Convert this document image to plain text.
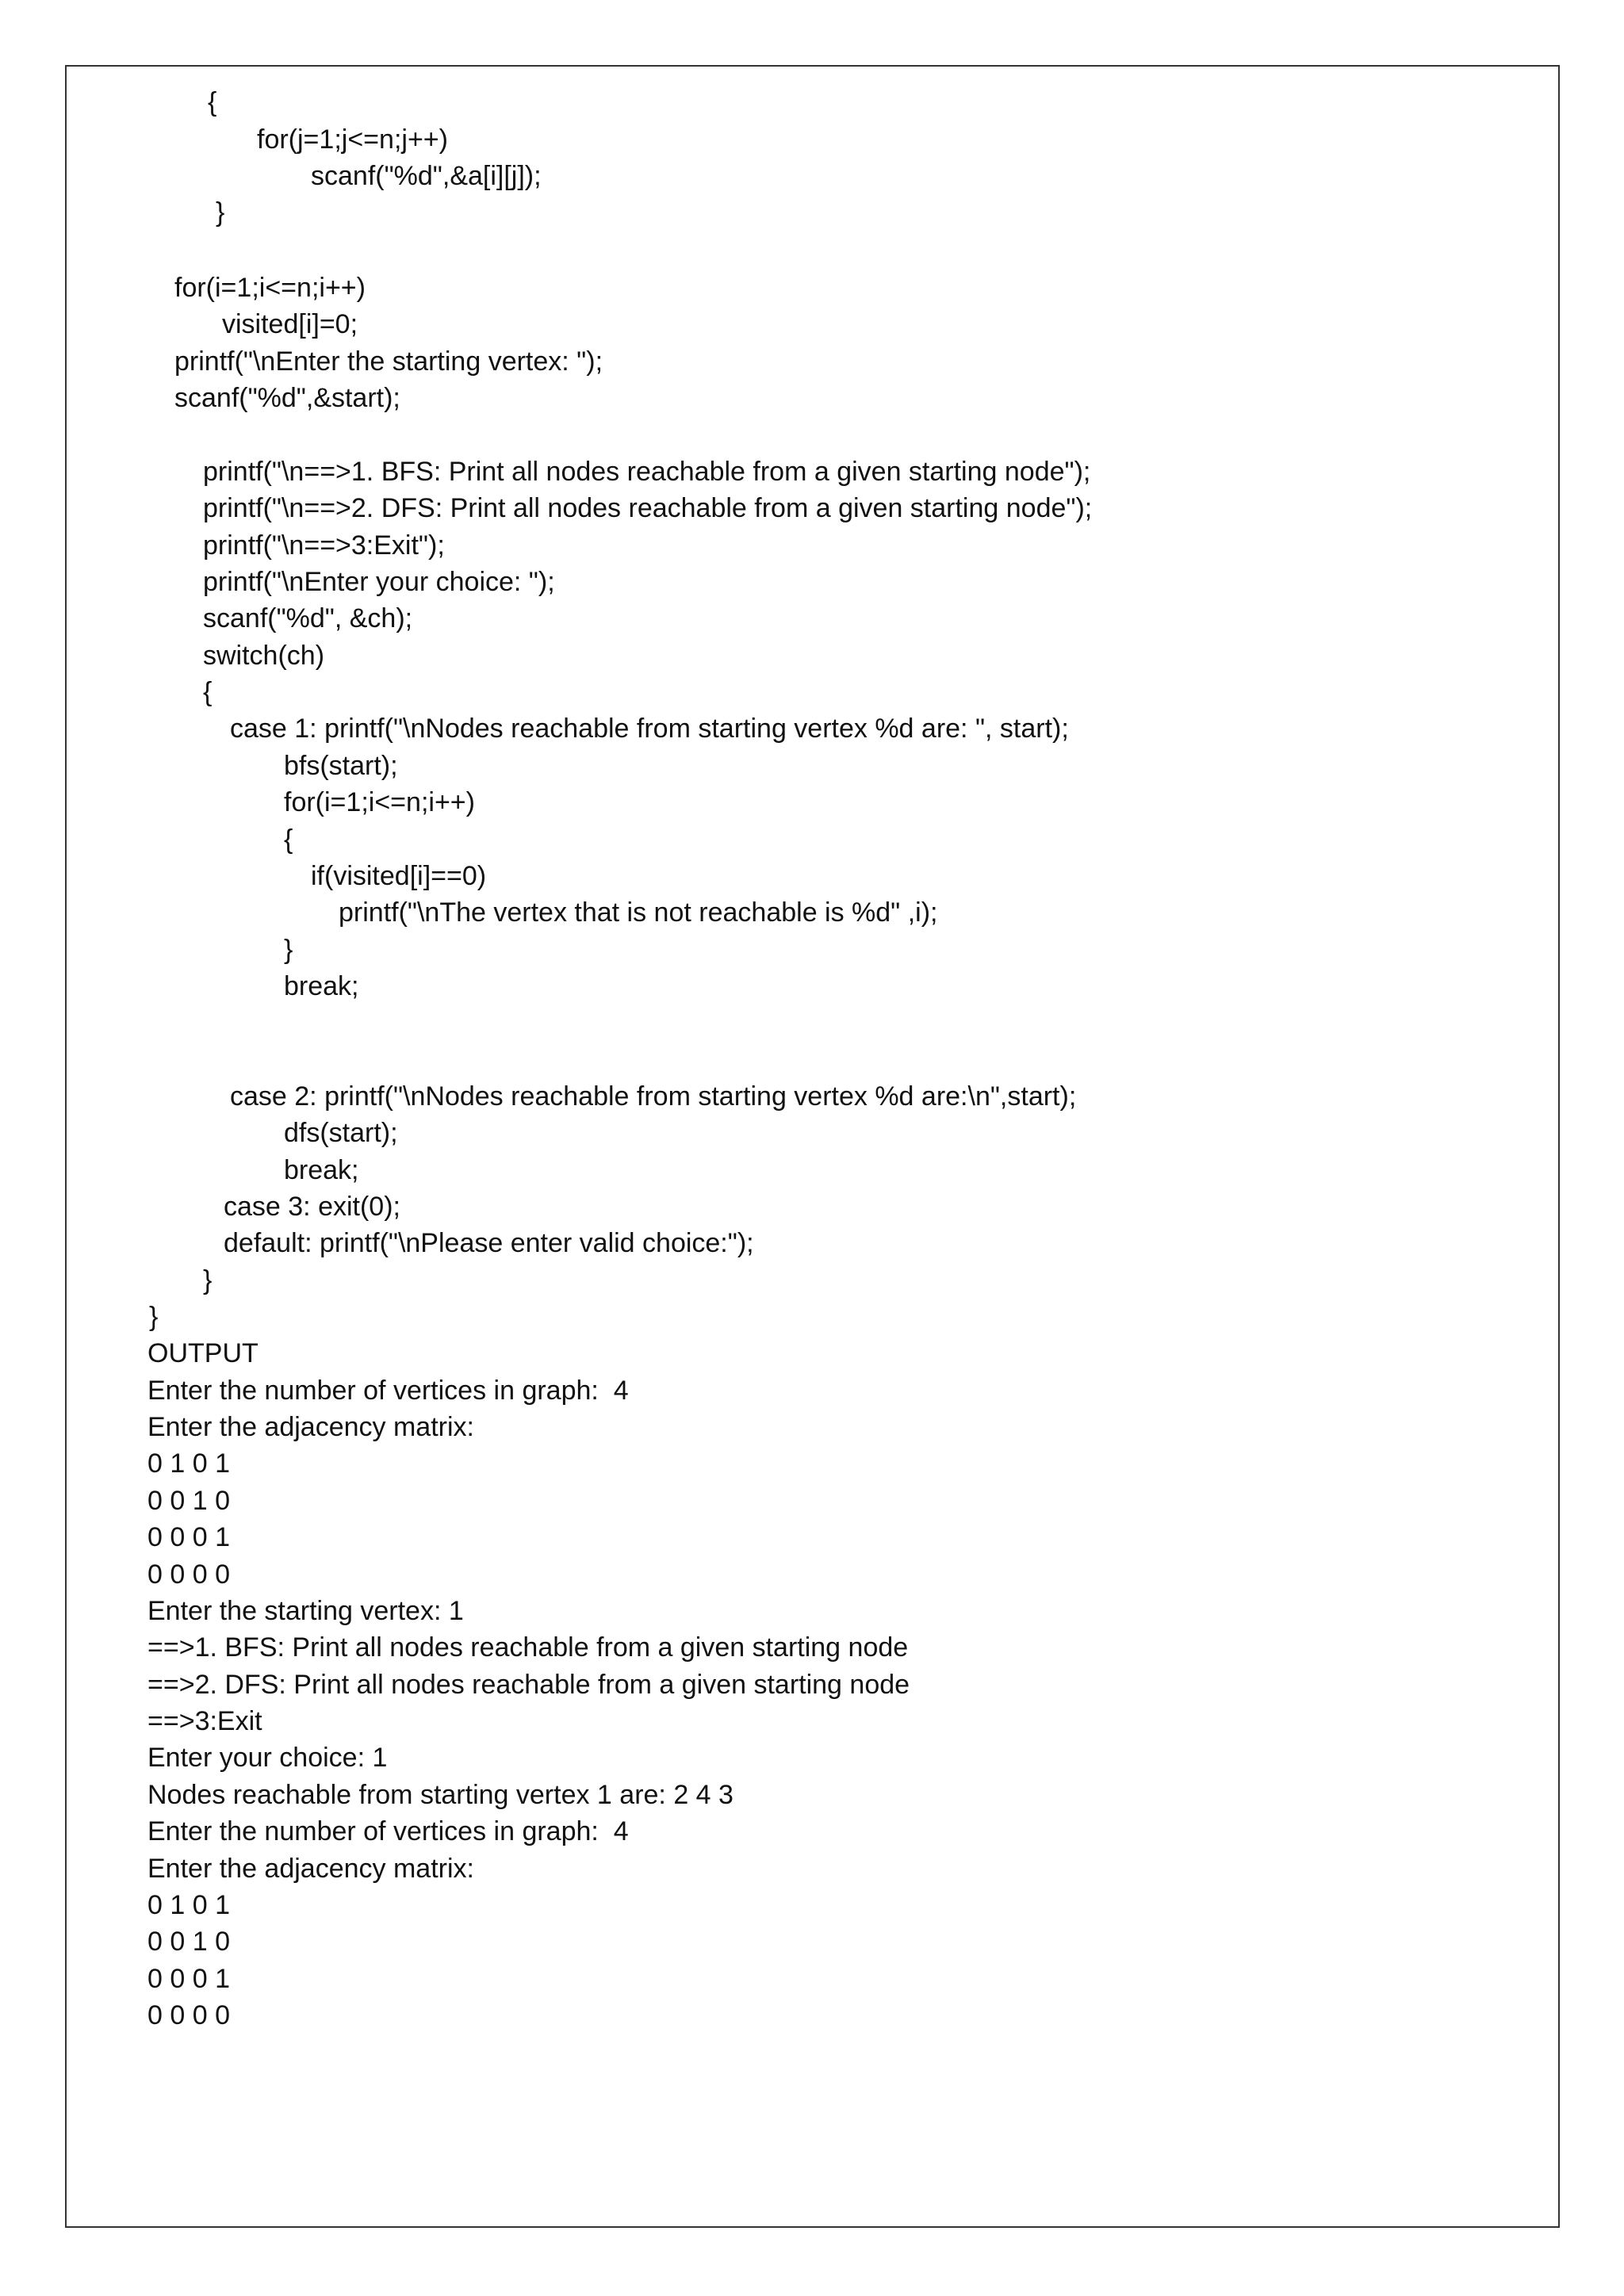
{
for(j=1;j<=n;j++)
scanf("%d",&a[i][j]);
}
for(i=1;i<=n;i++)
visited[i]=0;
printf("\nEnter the starting vertex: ");
scanf("%d",&start);
printf("\n==>1. BFS: Print all nodes reachable from a given starting node");
printf("\n==>2. DFS: Print all nodes reachable from a given starting node");
printf("\n==>3:Exit");
printf("\nEnter your choice: ");
scanf("%d", &ch);
switch(ch)
{
case 1: printf("\nNodes reachable from starting vertex %d are: ", start);
bfs(start);
for(i=1;i<=n;i++)
{
if(visited[i]==0)
printf("\nThe vertex that is not reachable is %d" ,i);
}
break;
case 2: printf("\nNodes reachable from starting vertex %d are:\n",start);
dfs(start);
break;
case 3: exit(0);
default: printf("\nPlease enter valid choice:");
}
}
OUTPUT
Enter the number of vertices in graph:  4
Enter the adjacency matrix:
0 1 0 1
0 0 1 0
0 0 0 1
0 0 0 0
Enter the starting vertex: 1
==>1. BFS: Print all nodes reachable from a given starting node
==>2. DFS: Print all nodes reachable from a given starting node
==>3:Exit
Enter your choice: 1
Nodes reachable from starting vertex 1 are: 2 4 3
Enter the number of vertices in graph:  4
Enter the adjacency matrix:
0 1 0 1
0 0 1 0
0 0 0 1
0 0 0 0
